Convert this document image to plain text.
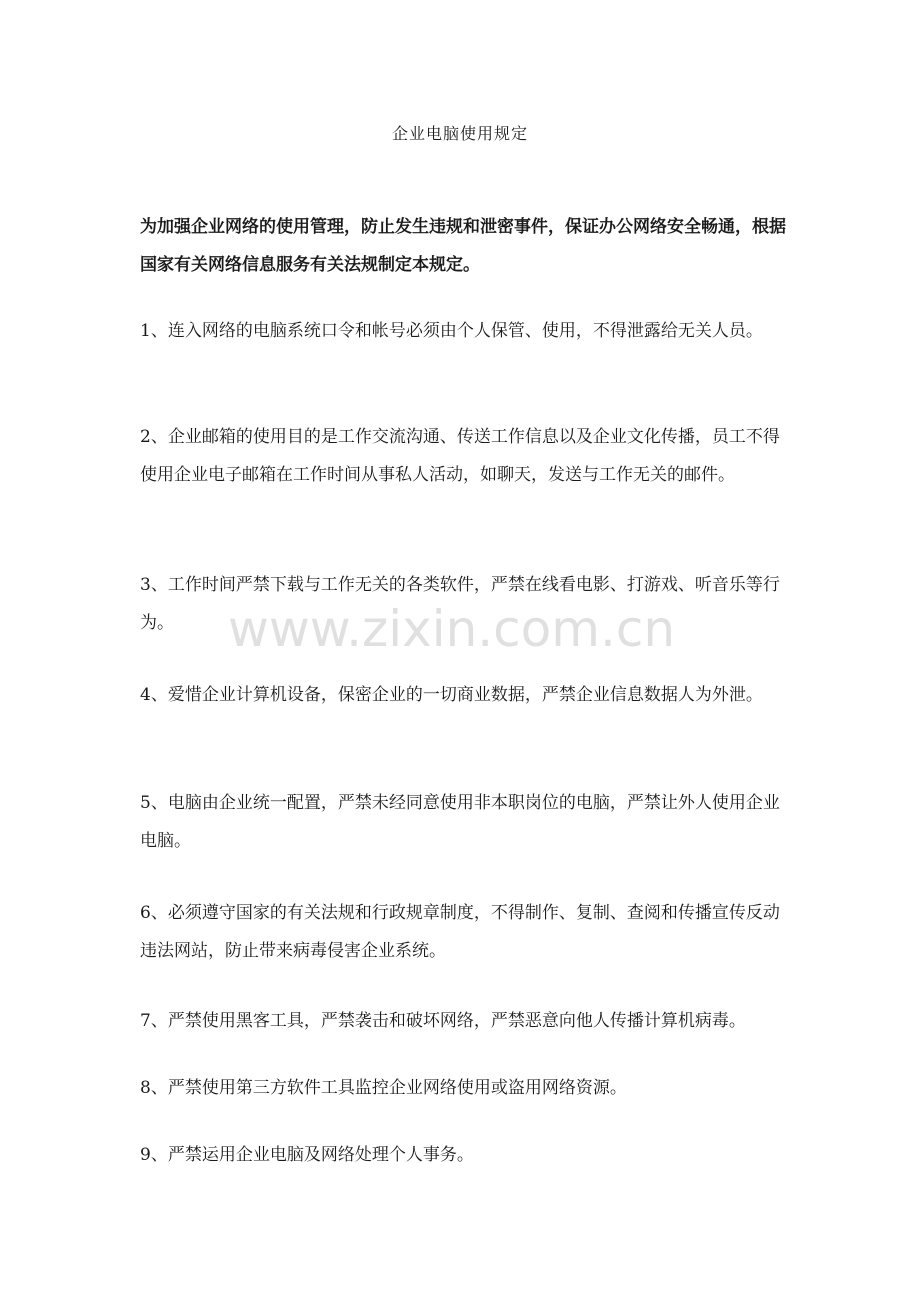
企业电脑使用规定
为加强企业网络的使用管理，防止发生违规和泄密事件，保证办公网络安全畅通，根据国家有关网络信息服务有关法规制定本规定。
1、连入网络的电脑系统口令和帐号必须由个人保管、使用，不得泄露给无关人员。
2、企业邮箱的使用目的是工作交流沟通、传送工作信息以及企业文化传播，员工不得使用企业电子邮箱在工作时间从事私人活动，如聊天，发送与工作无关的邮件。
3、工作时间严禁下载与工作无关的各类软件，严禁在线看电影、打游戏、听音乐等行为。
4、爱惜企业计算机设备，保密企业的一切商业数据，严禁企业信息数据人为外泄。
5、电脑由企业统一配置，严禁未经同意使用非本职岗位的电脑，严禁让外人使用企业电脑。
6、必须遵守国家的有关法规和行政规章制度，不得制作、复制、查阅和传播宣传反动违法网站，防止带来病毒侵害企业系统。
7、严禁使用黑客工具，严禁袭击和破坏网络，严禁恶意向他人传播计算机病毒。
8、严禁使用第三方软件工具监控企业网络使用或盗用网络资源。
9、严禁运用企业电脑及网络处理个人事务。
www.zixin.com.cn
